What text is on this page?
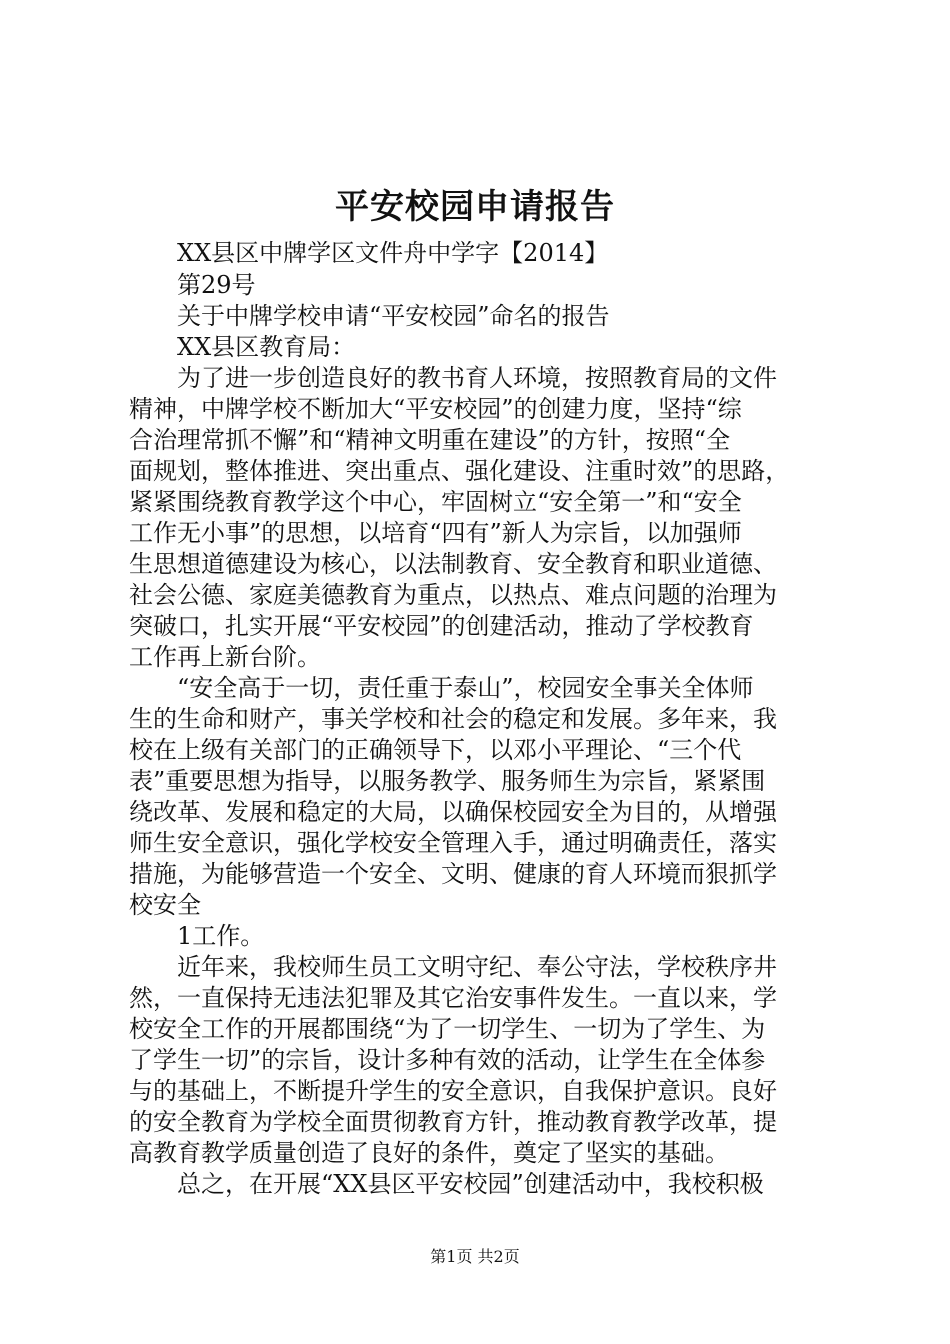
平安校园申请报告
XX县区中牌学区文件舟中学字【2014】
第29号
关于中牌学校申请“平安校园”命名的报告
XX县区教育局：
为了进一步创造良好的教书育人环境，按照教育局的文件
精神，中牌学校不断加大“平安校园”的创建力度，坚持“综
合治理常抓不懈”和“精神文明重在建设”的方针，按照“全
面规划，整体推进、突出重点、强化建设、注重时效”的思路，
紧紧围绕教育教学这个中心，牢固树立“安全第一”和“安全
工作无小事”的思想，以培育“四有”新人为宗旨，以加强师
生思想道德建设为核心，以法制教育、安全教育和职业道德、
社会公德、家庭美德教育为重点，以热点、难点问题的治理为
突破口，扎实开展“平安校园”的创建活动，推动了学校教育
工作再上新台阶。
“安全高于一切，责任重于泰山”，校园安全事关全体师
生的生命和财产，事关学校和社会的稳定和发展。多年来，我
校在上级有关部门的正确领导下，以邓小平理论、“三个代
表”重要思想为指导，以服务教学、服务师生为宗旨，紧紧围
绕改革、发展和稳定的大局，以确保校园安全为目的，从增强
师生安全意识，强化学校安全管理入手，通过明确责任，落实
措施，为能够营造一个安全、文明、健康的育人环境而狠抓学
校安全
1工作。
近年来，我校师生员工文明守纪、奉公守法，学校秩序井
然，一直保持无违法犯罪及其它治安事件发生。一直以来，学
校安全工作的开展都围绕“为了一切学生、一切为了学生、为
了学生一切”的宗旨，设计多种有效的活动，让学生在全体参
与的基础上，不断提升学生的安全意识，自我保护意识。良好
的安全教育为学校全面贯彻教育方针，推动教育教学改革，提
高教育教学质量创造了良好的条件，奠定了坚实的基础。
总之，在开展“XX县区平安校园”创建活动中，我校积极
第1页 共2页
